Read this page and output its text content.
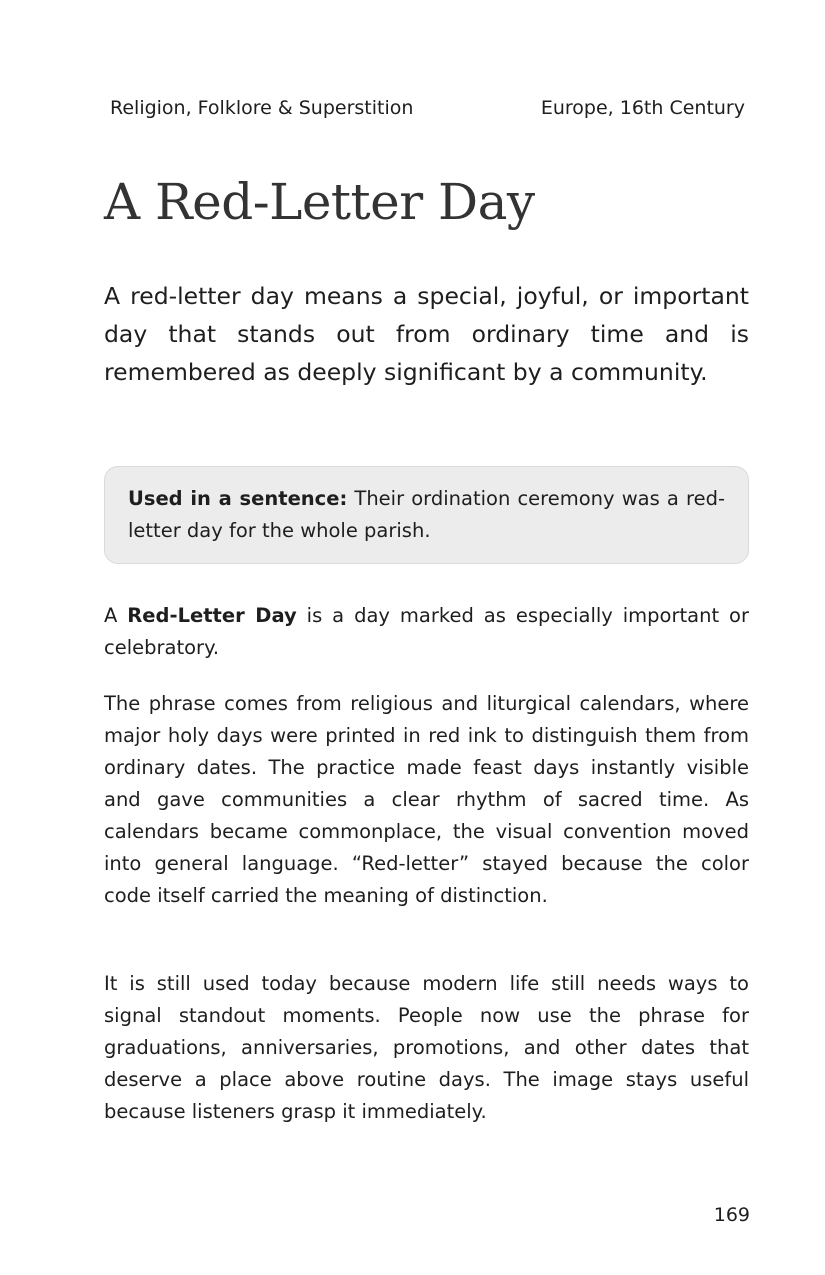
Religion, Folklore & Superstition	Europe, 16th Century
A Red-Letter Day

A red-letter day means a special, joyful, or important day that stands out from ordinary time and is remembered as deeply significant by a community.

Used in a sentence: Their ordination ceremony was a red-letter day for the whole parish.

A Red-Letter Day is a day marked as especially important or celebratory.

The phrase comes from religious and liturgical calendars, where major holy days were printed in red ink to distinguish them from ordinary dates. The practice made feast days instantly visible and gave communities a clear rhythm of sacred time. As calendars became commonplace, the visual convention moved into general language. “Red-letter” stayed because the color code itself carried the meaning of distinction.

It is still used today because modern life still needs ways to signal standout moments. People now use the phrase for graduations, anniversaries, promotions, and other dates that deserve a place above routine days. The image stays useful because listeners grasp it immediately.

169
